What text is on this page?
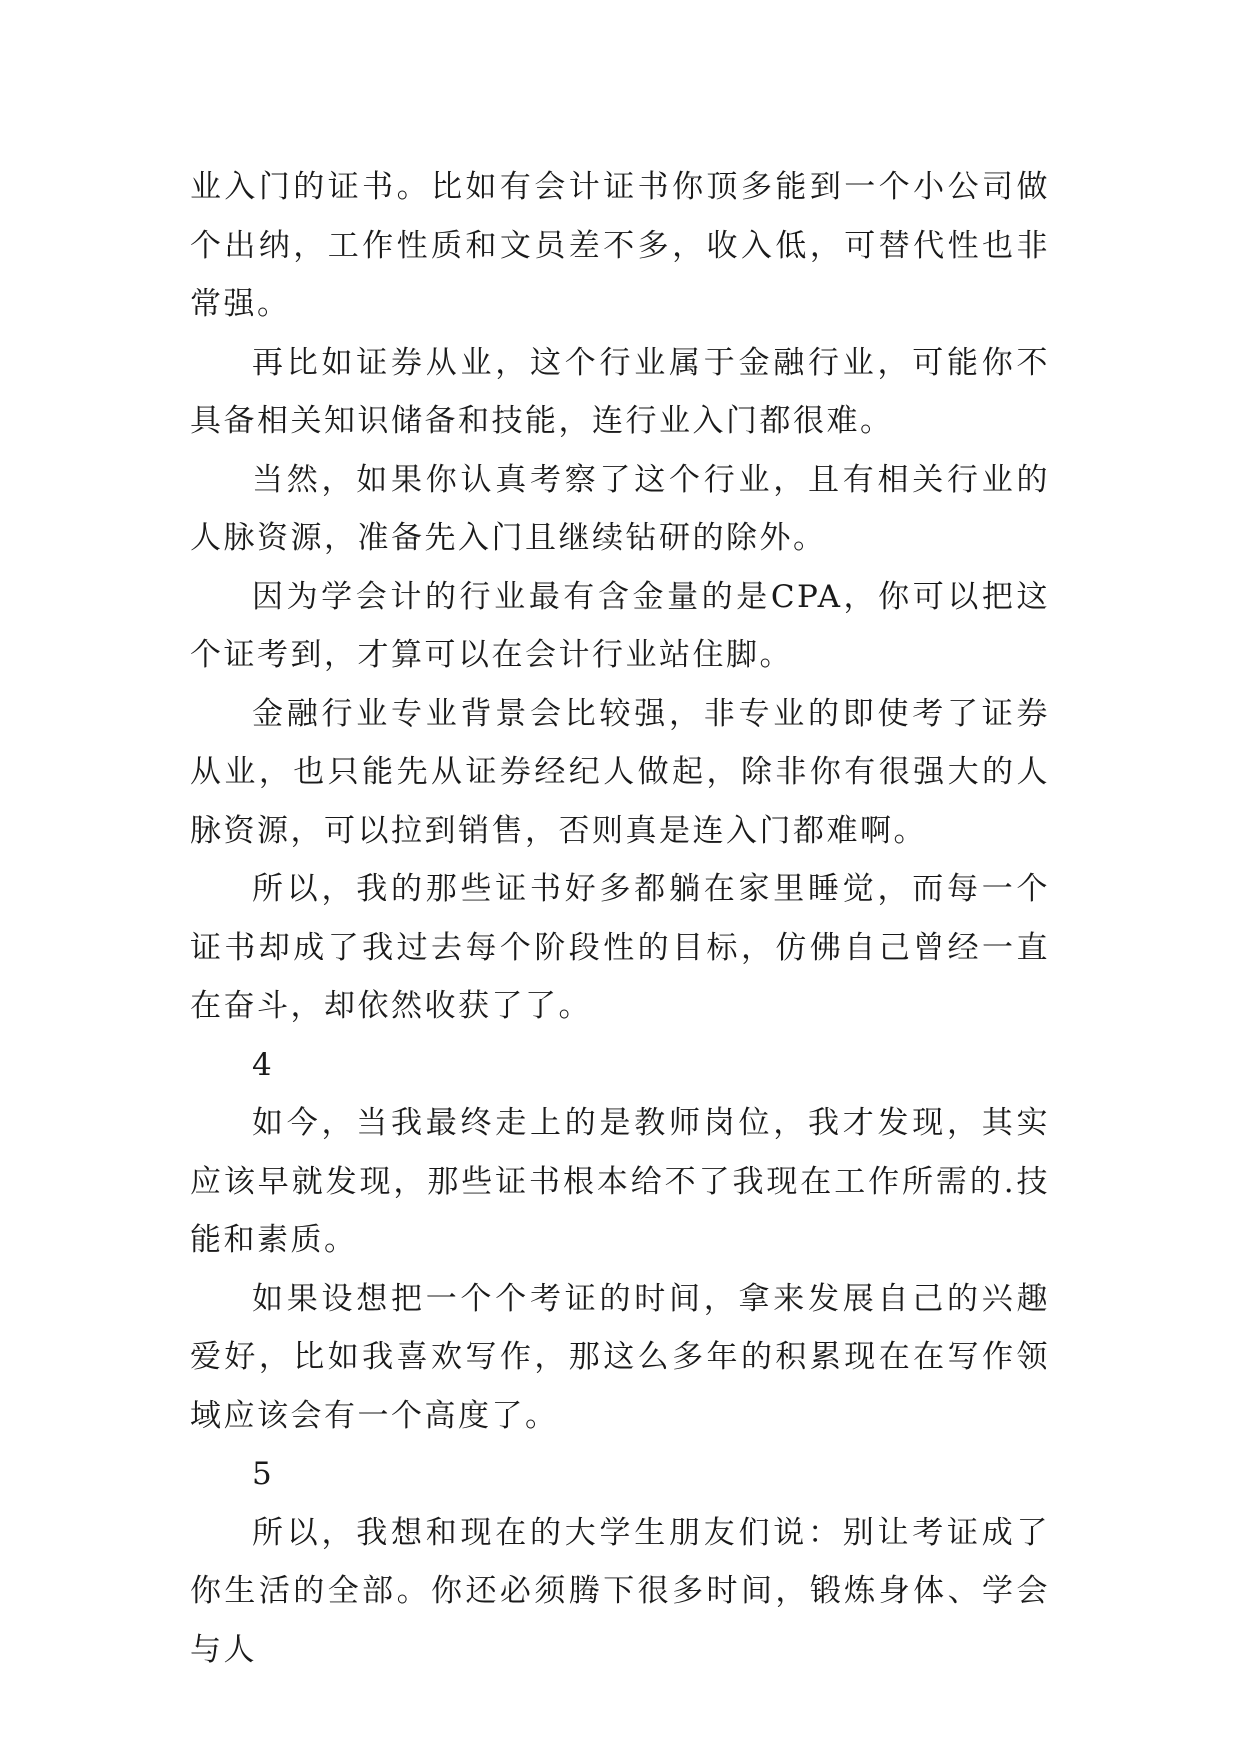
业入门的证书。比如有会计证书你顶多能到一个小公司做个出纳，工作性质和文员差不多，收入低，可替代性也非常强。

再比如证券从业，这个行业属于金融行业，可能你不具备相关知识储备和技能，连行业入门都很难。

当然，如果你认真考察了这个行业，且有相关行业的人脉资源，准备先入门且继续钻研的除外。

因为学会计的行业最有含金量的是CPA，你可以把这个证考到，才算可以在会计行业站住脚。

金融行业专业背景会比较强，非专业的即使考了证券从业，也只能先从证券经纪人做起，除非你有很强大的人脉资源，可以拉到销售，否则真是连入门都难啊。

所以，我的那些证书好多都躺在家里睡觉，而每一个证书却成了我过去每个阶段性的目标，仿佛自己曾经一直在奋斗，却依然收获了了。

4

如今，当我最终走上的是教师岗位，我才发现，其实应该早就发现，那些证书根本给不了我现在工作所需的.技能和素质。

如果设想把一个个考证的时间，拿来发展自己的兴趣爱好，比如我喜欢写作，那这么多年的积累现在在写作领域应该会有一个高度了。

5

所以，我想和现在的大学生朋友们说：别让考证成了你生活的全部。你还必须腾下很多时间，锻炼身体、学会与人
